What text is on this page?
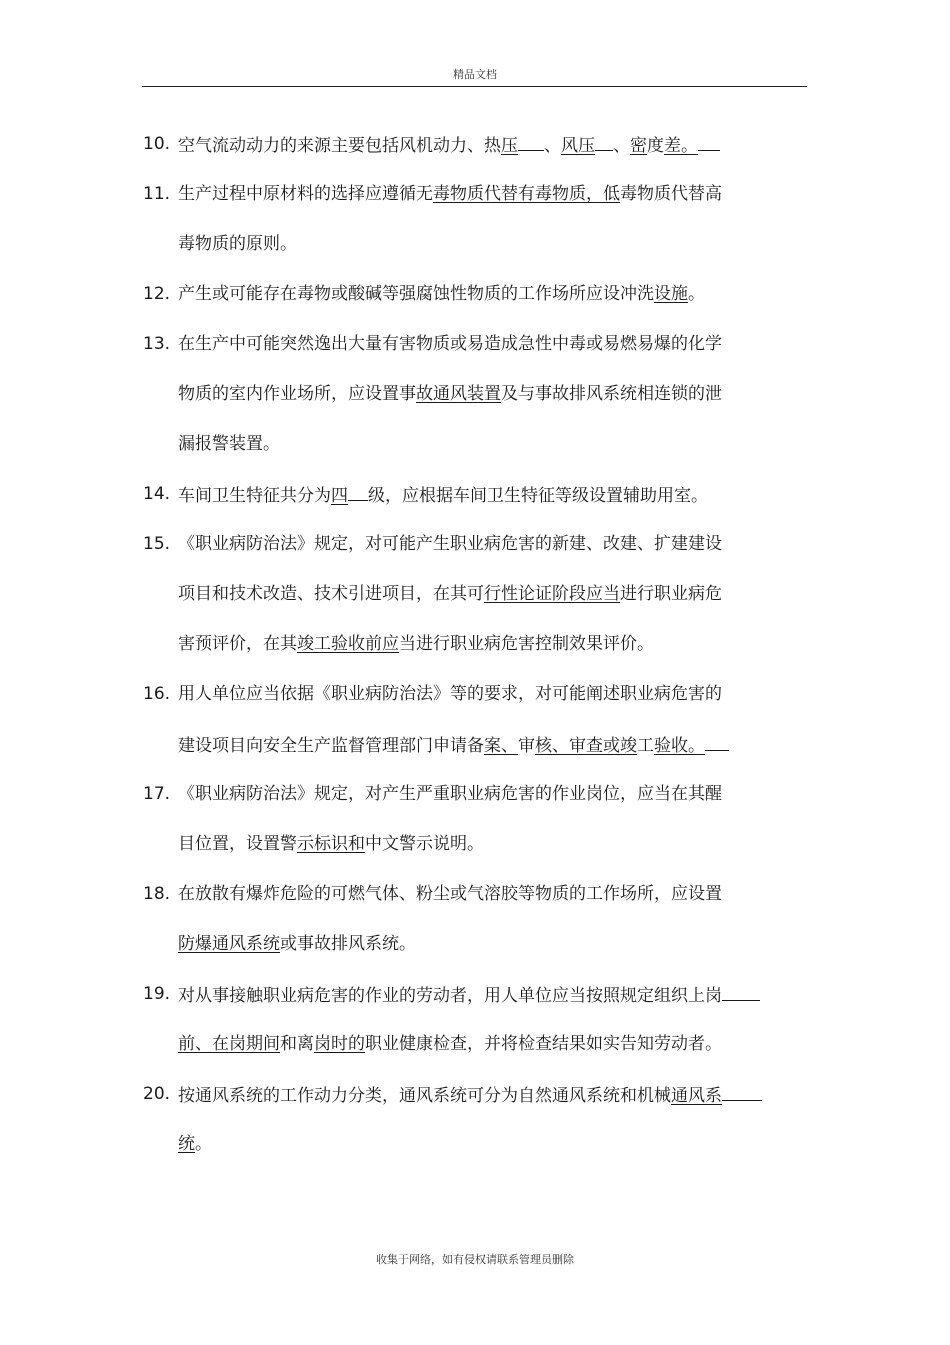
精品文档
10. 空气流动动力的来源主要包括风机动力、热压 、风压 、密度差。
11. 生产过程中原材料的选择应遵循无毒物质代替有毒物质，低毒物质代替高
毒物质的原则。
12. 产生或可能存在毒物或酸碱等强腐蚀性物质的工作场所应设冲洗设施。
13. 在生产中可能突然逸出大量有害物质或易造成急性中毒或易燃易爆的化学
物质的室内作业场所，应设置事故通风装置及与事故排风系统相连锁的泄
漏报警装置。
14. 车间卫生特征共分为四 级，应根据车间卫生特征等级设置辅助用室。
15. 《职业病防治法》规定，对可能产生职业病危害的新建、改建、扩建建设
项目和技术改造、技术引进项目，在其可行性论证阶段应当进行职业病危
害预评价，在其竣工验收前应当进行职业病危害控制效果评价。
16. 用人单位应当依据《职业病防治法》等的要求，对可能阐述职业病危害的
建设项目向安全生产监督管理部门申请备案、审核、审查或竣工验收。
17. 《职业病防治法》规定，对产生严重职业病危害的作业岗位，应当在其醒
目位置，设置警示标识和中文警示说明。
18. 在放散有爆炸危险的可燃气体、粉尘或气溶胶等物质的工作场所，应设置
防爆通风系统或事故排风系统。
19. 对从事接触职业病危害的作业的劳动者，用人单位应当按照规定组织上岗
前、在岗期间和离岗时的职业健康检查，并将检查结果如实告知劳动者。
20. 按通风系统的工作动力分类，通风系统可分为自然通风系统和机械通风系
统。
收集于网络，如有侵权请联系管理员删除
